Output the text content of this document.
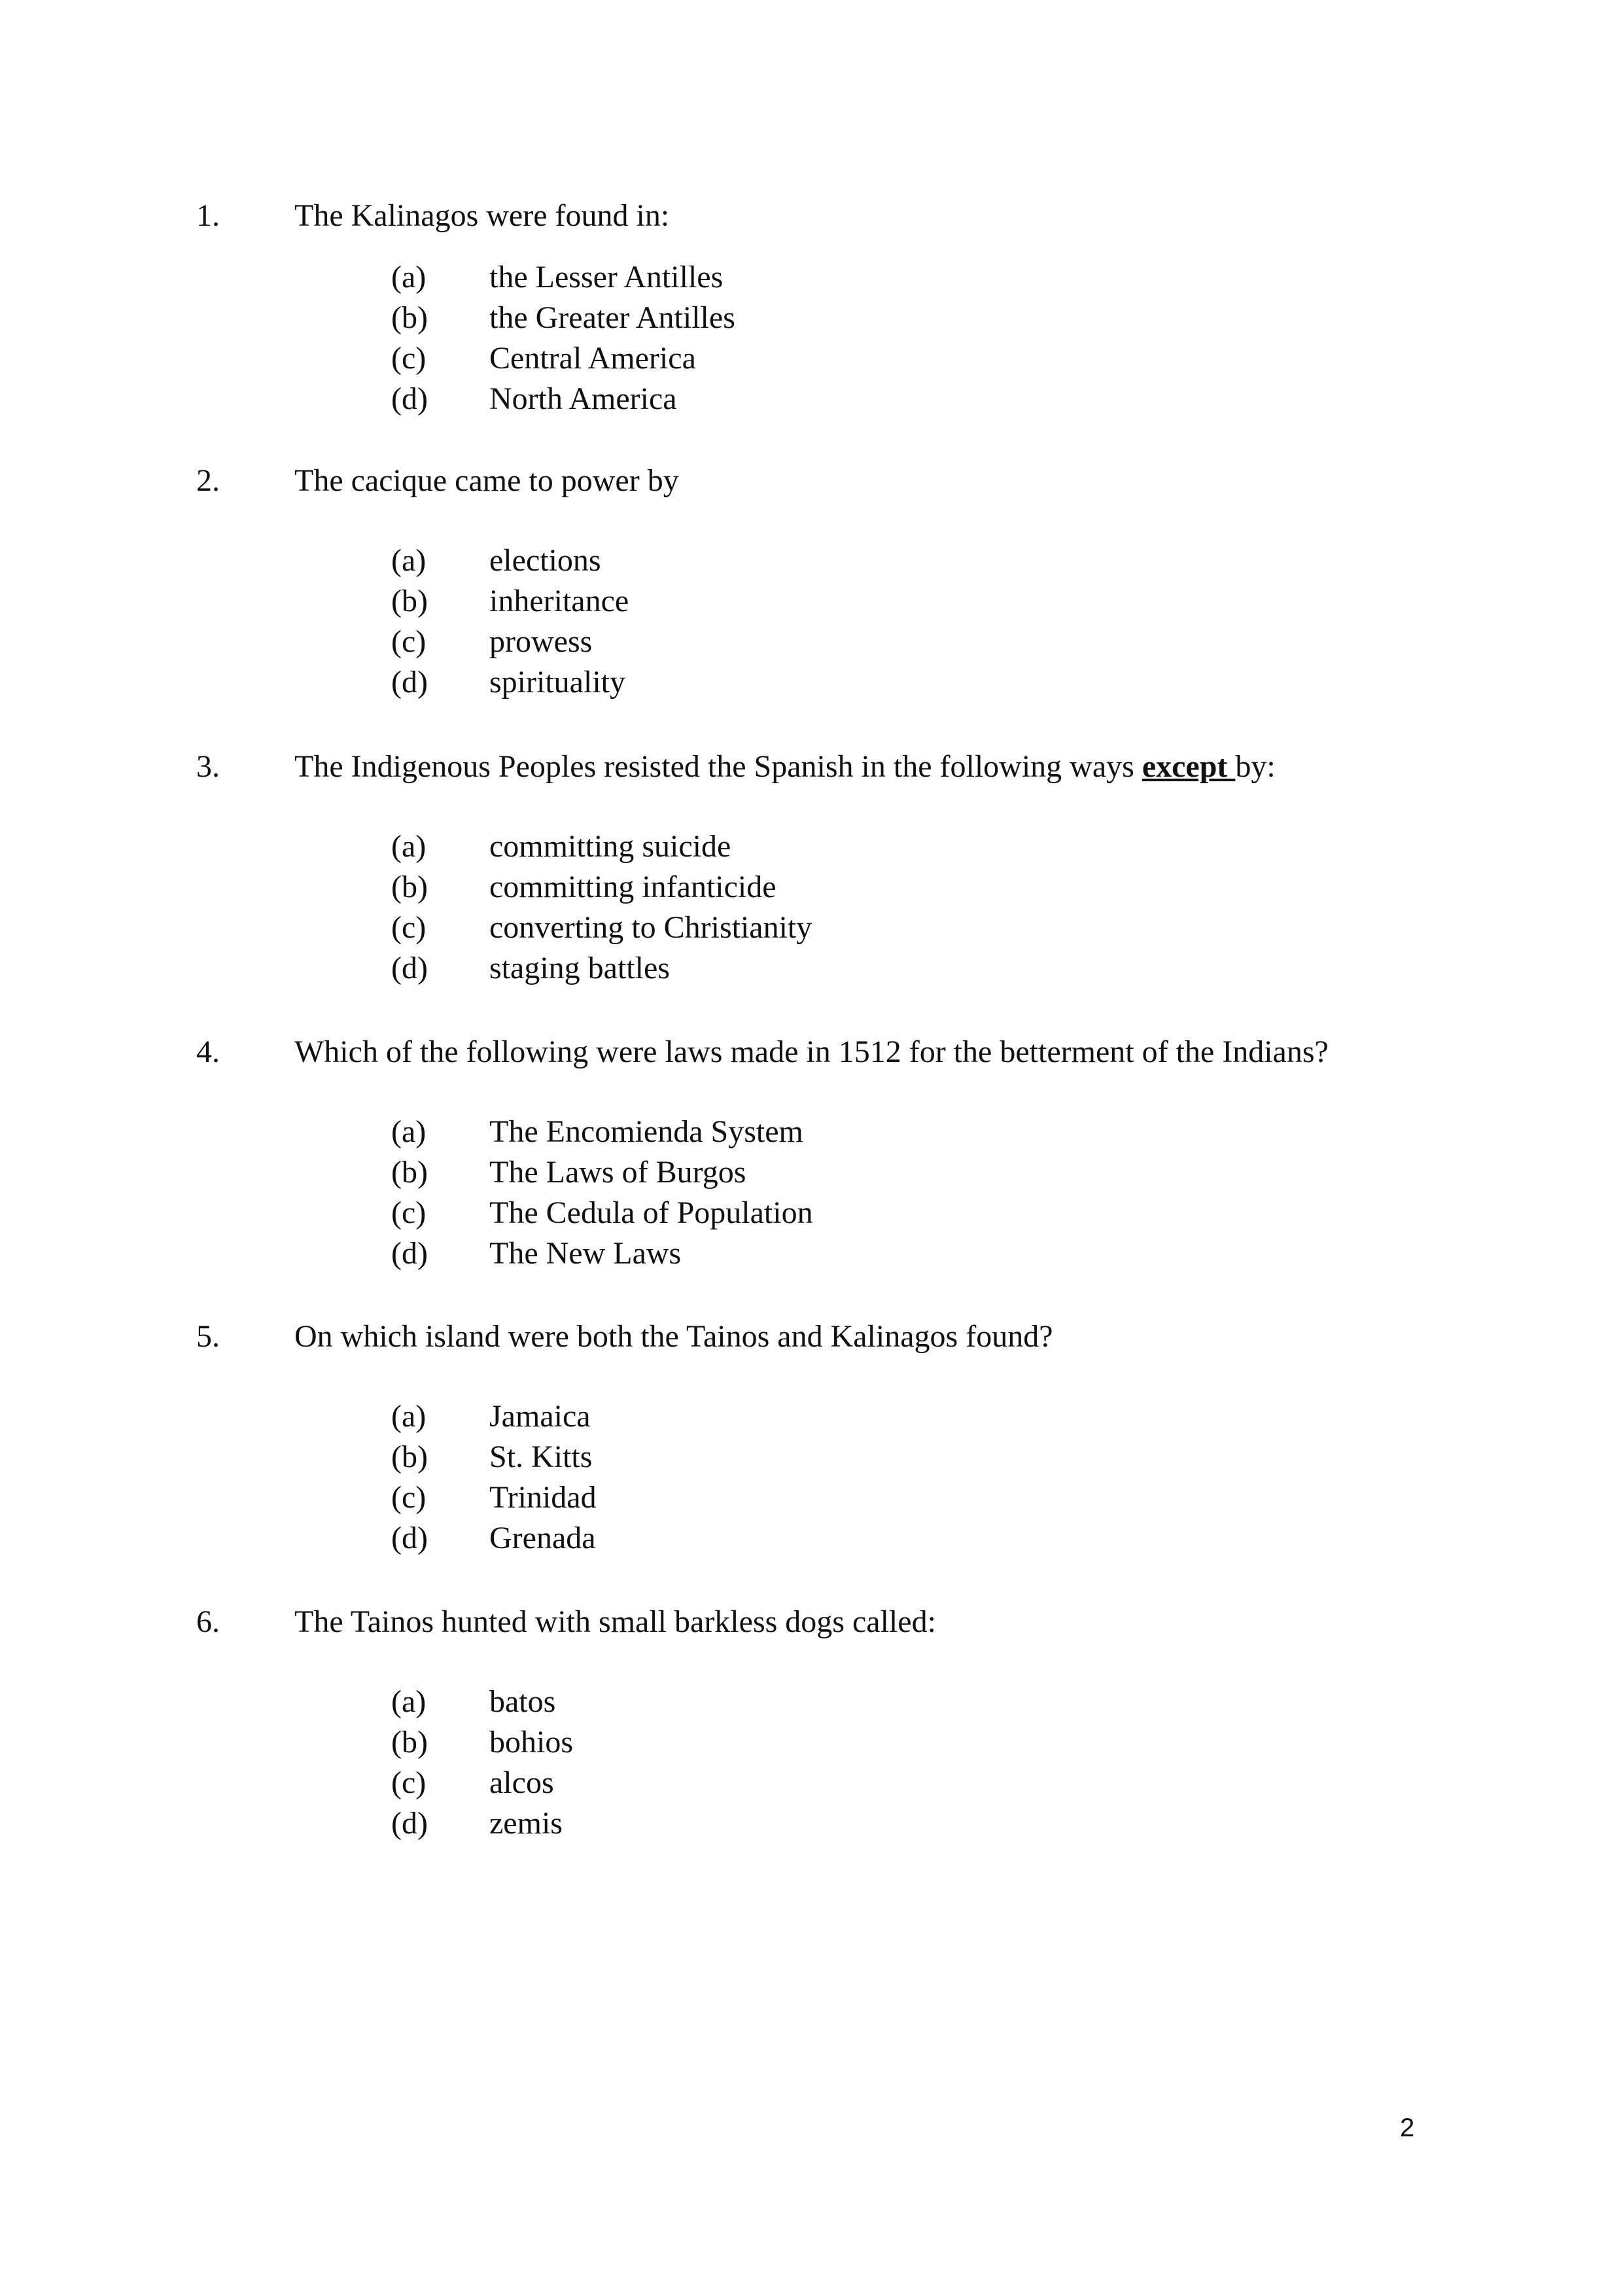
1. The Kalinagos were found in:
(a) the Lesser Antilles
(b) the Greater Antilles
(c) Central America
(d) North America
2. The cacique came to power by
(a) elections
(b) inheritance
(c) prowess
(d) spirituality
3. The Indigenous Peoples resisted the Spanish in the following ways except by:
(a) committing suicide
(b) committing infanticide
(c) converting to Christianity
(d) staging battles
4. Which of the following were laws made in 1512 for the betterment of the Indians?
(a) The Encomienda System
(b) The Laws of Burgos
(c) The Cedula of Population
(d) The New Laws
5. On which island were both the Tainos and Kalinagos found?
(a) Jamaica
(b) St. Kitts
(c) Trinidad
(d) Grenada
6. The Tainos hunted with small barkless dogs called:
(a) batos
(b) bohios
(c) alcos
(d) zemis
2
